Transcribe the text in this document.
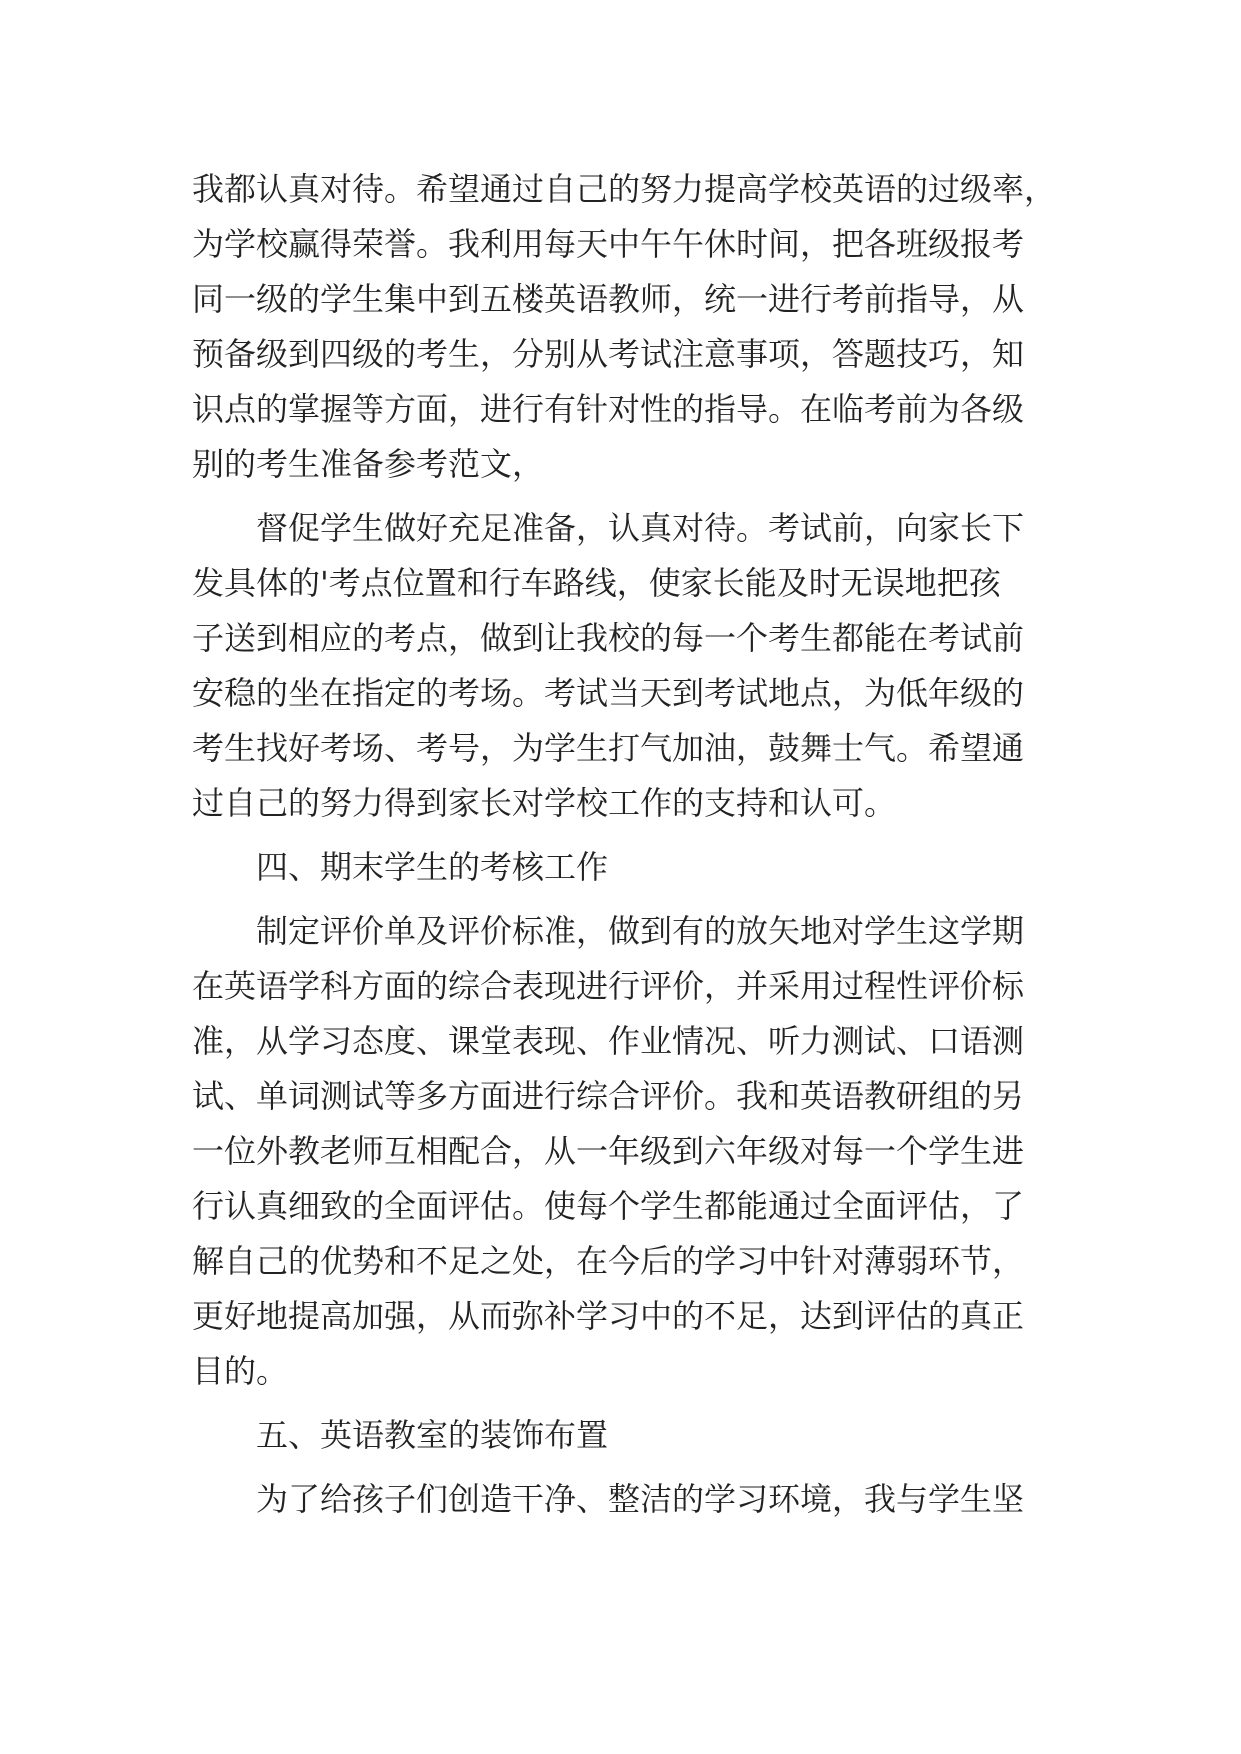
我都认真对待。希望通过自己的努力提高学校英语的过级率，
为学校赢得荣誉。我利用每天中午午休时间，把各班级报考
同一级的学生集中到五楼英语教师，统一进行考前指导，从
预备级到四级的考生，分别从考试注意事项，答题技巧，知
识点的掌握等方面，进行有针对性的指导。在临考前为各级
别的考生准备参考范文，
督促学生做好充足准备，认真对待。考试前，向家长下
发具体的'考点位置和行车路线，使家长能及时无误地把孩
子送到相应的考点，做到让我校的每一个考生都能在考试前
安稳的坐在指定的考场。考试当天到考试地点，为低年级的
考生找好考场、考号，为学生打气加油，鼓舞士气。希望通
过自己的努力得到家长对学校工作的支持和认可。
四、期末学生的考核工作
制定评价单及评价标准，做到有的放矢地对学生这学期
在英语学科方面的综合表现进行评价，并采用过程性评价标
准，从学习态度、课堂表现、作业情况、听力测试、口语测
试、单词测试等多方面进行综合评价。我和英语教研组的另
一位外教老师互相配合，从一年级到六年级对每一个学生进
行认真细致的全面评估。使每个学生都能通过全面评估，了
解自己的优势和不足之处，在今后的学习中针对薄弱环节，
更好地提高加强，从而弥补学习中的不足，达到评估的真正
目的。
五、英语教室的装饰布置
为了给孩子们创造干净、整洁的学习环境，我与学生坚
